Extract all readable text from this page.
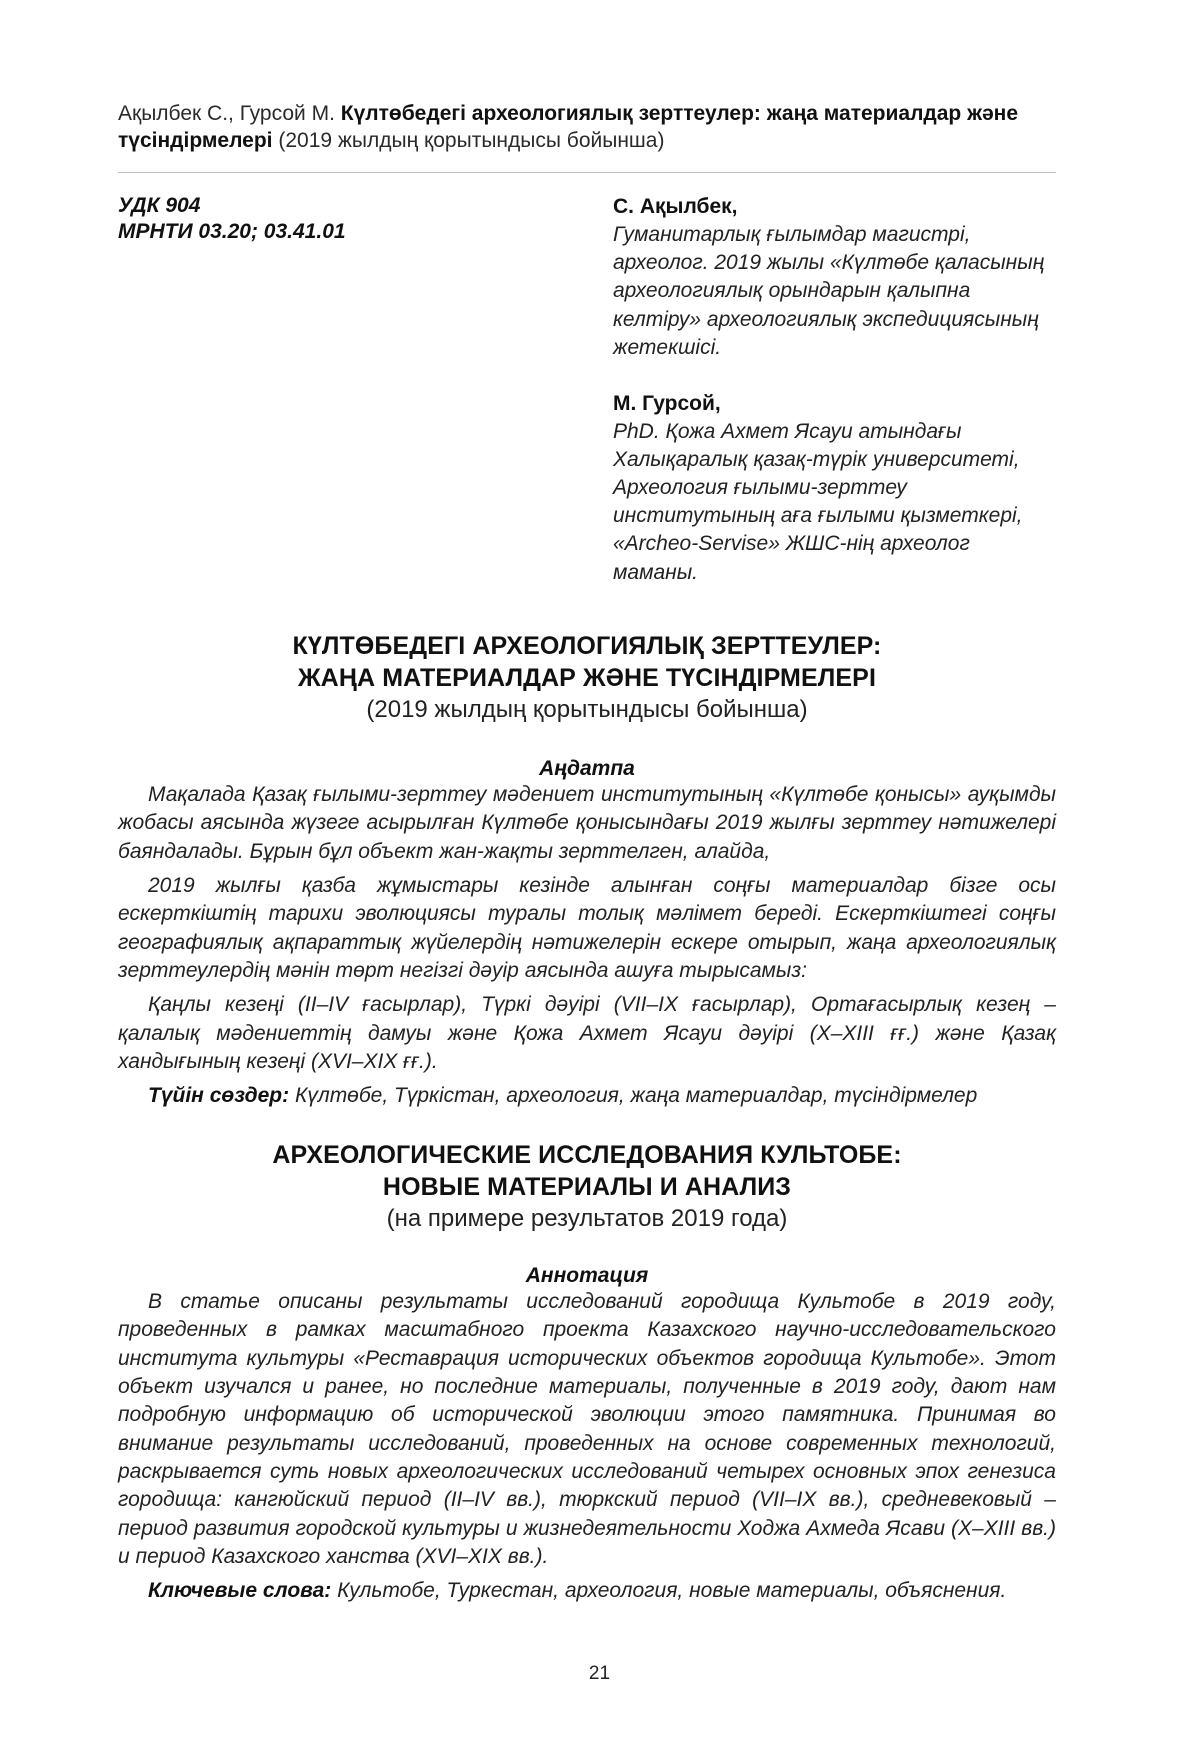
Ақылбек С., Гурсой М. Күлтөбедегі археологиялық зерттеулер: жаңа материалдар және түсіндірмелері (2019 жылдың қорытындысы бойынша)
УДК 904
МРНТИ 03.20; 03.41.01
С. Ақылбек,
Гуманитарлық ғылымдар магистрі, археолог. 2019 жылы «Күлтөбе қаласының археологиялық орындарын қалыпна келтіру» археологиялық экспедициясының жетекшісі.
М. Гурсой,
PhD. Қожа Ахмет Ясауи атындағы Халықаралық қазақ-түрік университеті, Археология ғылыми-зерттеу институтының аға ғылыми қызметкері, «Archeo-Servise» ЖШС-нің археолог маманы.
КҮЛТӨБЕДЕГІ АРХЕОЛОГИЯЛЫҚ ЗЕРТТЕУЛЕР:
ЖАҢА МАТЕРИАЛДАР ЖӘНЕ ТҮСІНДІРМЕЛЕРІ
(2019 жылдың қорытындысы бойынша)
Аңдатпа

Мақалада Қазақ ғылыми-зерттеу мәдениет институтының «Күлтөбе қонысы» ауқымды жобасы аясында жүзеге асырылған Күлтөбе қонысындағы 2019 жылғы зерттеу нәтижелері баяндалады. Бұрын бұл объект жан-жақты зерттелген, алайда,

2019 жылғы қазба жұмыстары кезінде алынған соңғы материалдар бізге осы ескерткіштің тарихи эволюциясы туралы толық мәлімет береді. Ескерткіштегі соңғы географиялық ақпараттық жүйелердің нәтижелерін ескере отырып, жаңа археологиялық зерттеулердің мәнін төрт негізгі дәуір аясында ашуға тырысамыз:

Қаңлы кезеңі (II–IV ғасырлар), Түркі дәуірі (VII–IX ғасырлар), Ортағасырлық кезең – қалалық мәдениеттің дамуы және Қожа Ахмет Ясауи дәуірі (X–XIII ғғ.) және Қазақ хандығының кезеңі (XVI–XIX ғғ.).

Түйін сөздер: Күлтөбе, Түркістан, археология, жаңа материалдар, түсіндірмелер
АРХЕОЛОГИЧЕСКИЕ ИССЛЕДОВАНИЯ КУЛЬТОБЕ:
НОВЫЕ МАТЕРИАЛЫ И АНАЛИЗ
(на примере результатов 2019 года)
Аннотация

В статье описаны результаты исследований городища Культобе в 2019 году, проведенных в рамках масштабного проекта Казахского научно-исследовательского института культуры «Реставрация исторических объектов городища Культобе». Этот объект изучался и ранее, но последние материалы, полученные в 2019 году, дают нам подробную информацию об исторической эволюции этого памятника. Принимая во внимание результаты исследований, проведенных на основе современных технологий, раскрывается суть новых археологических исследований четырех основных эпох генезиса городища: кангюйский период (II–IV вв.), тюркский период (VII–IX вв.), средневековый – период развития городской культуры и жизнедеятельности Ходжа Ахмеда Ясави (X–XIII вв.) и период Казахского ханства (XVI–XIX вв.).

Ключевые слова: Культобе, Туркестан, археология, новые материалы, объяснения.
21
